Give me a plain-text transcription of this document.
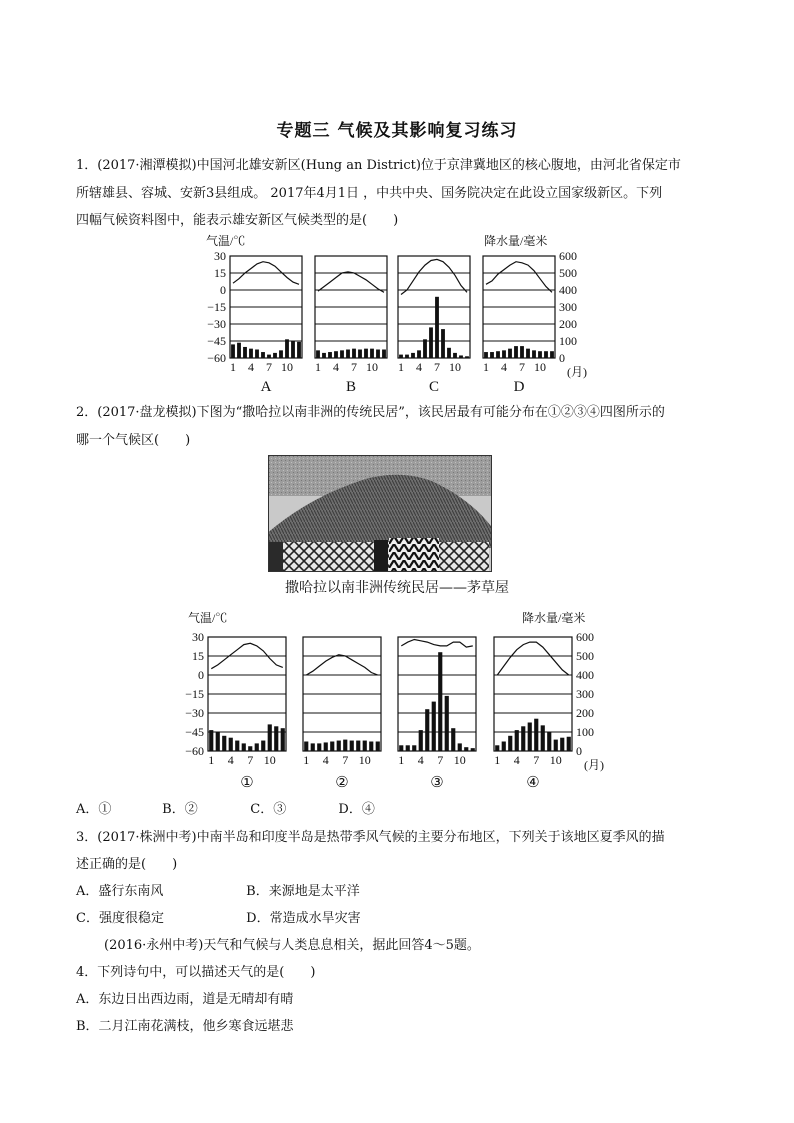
专题三 气候及其影响复习练习
1．(2017·湘潭模拟)中国河北雄安新区(Hung an District)位于京津冀地区的核心腹地，由河北省保定市
所辖雄县、容城、安新3县组成。 2017年4月1日 ，中共中央、国务院决定在此设立国家级新区。下列
四幅气候资料图中，能表示雄安新区气候类型的是(　　)
气温/℃	降水量/毫米
30
15
0
−15
−30
−45
−60
600
500
400
300
200
100
0
1 4 7 10
A
1 4 7 10
B
1 4 7 10
C
1 4 7 10
D
(月)
2．(2017·盘龙模拟)下图为“撒哈拉以南非洲的传统民居”，该民居最有可能分布在①②③④四图所示的
哪一个气候区(　　)
撒哈拉以南非洲传统民居——茅草屋
气温/℃	降水量/毫米
30
15
0
−15
−30
−45
−60
600
500
400
300
200
100
0
1 4 7 10
①
1 4 7 10
②
1 4 7 10
③
1 4 7 10
④
(月)
A．①	B．②	C．③	D．④
3．(2017·株洲中考)中南半岛和印度半岛是热带季风气候的主要分布地区，下列关于该地区夏季风的描
述正确的是(　　)
A．盛行东南风	B．来源地是太平洋
C．强度很稳定	D．常造成水旱灾害
(2016·永州中考)天气和气候与人类息息相关，据此回答4～5题。
4．下列诗句中，可以描述天气的是(　　)
A．东边日出西边雨，道是无晴却有晴
B．二月江南花满枝，他乡寒食远堪悲
